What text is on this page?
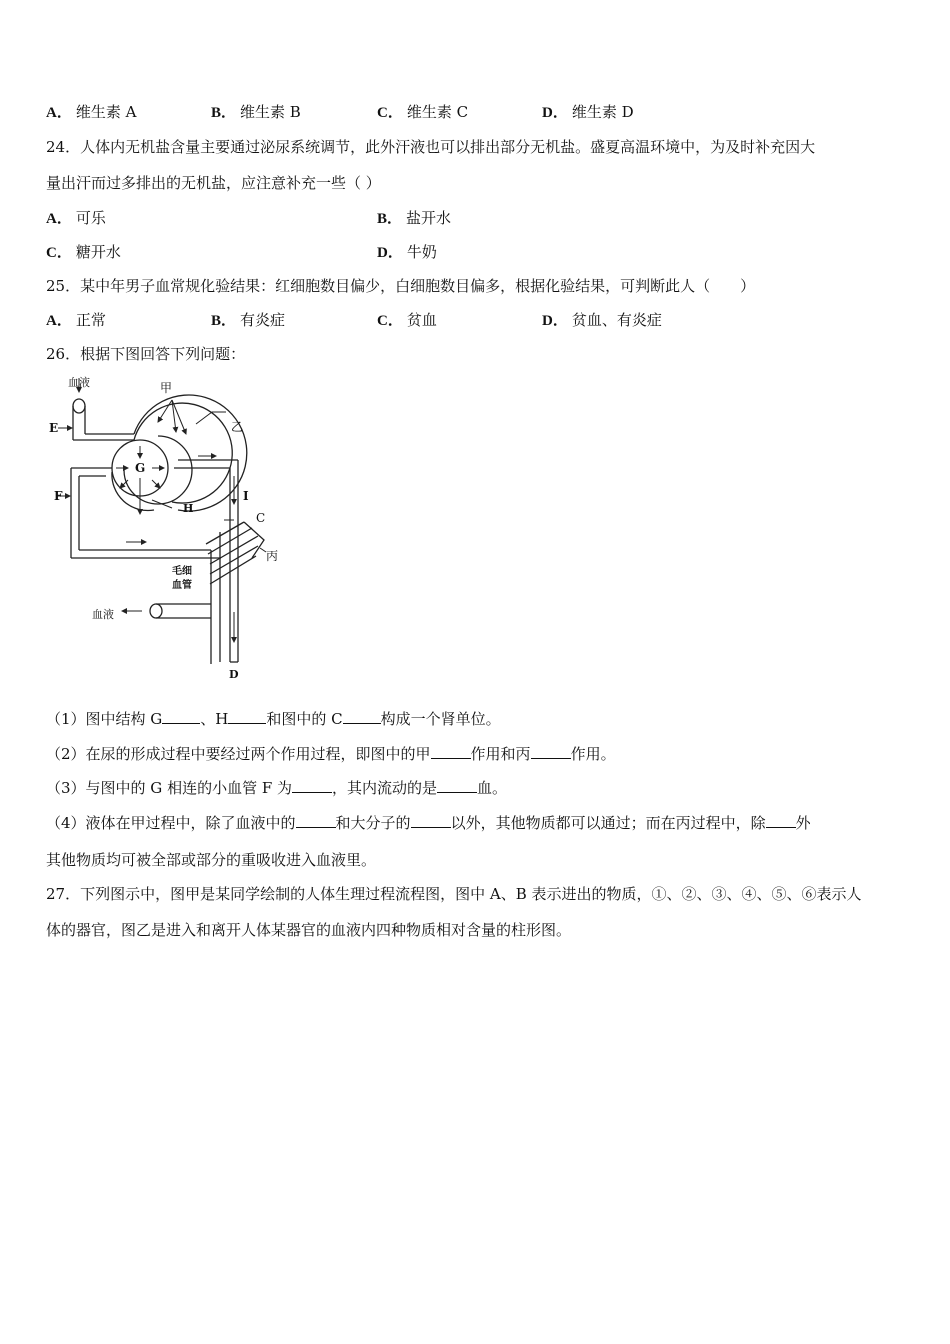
A． 维生素 A	B． 维生素 B	C． 维生素 C	D． 维生素 D
24．人体内无机盐含量主要通过泌尿系统调节，此外汗液也可以排出部分无机盐。盛夏高温环境中，为及时补充因大
量出汗而过多排出的无机盐，应注意补充一些（ ）
A． 可乐	B． 盐开水
C． 糖开水	D． 牛奶
25．某中年男子血常规化验结果：红细胞数目偏少，白细胞数目偏多，根据化验结果，可判断此人（　　）
A． 正常	B． 有炎症	C． 贫血	D． 贫血、有炎症
26．根据下图回答下列问题：
血液
E
甲
乙
G
H
F	I
C
丙
毛细
血管
血液
D
（1）图中结构 G	、H	和图中的 C	构成一个肾单位。
（2）在尿的形成过程中要经过两个作用过程，即图中的甲	作用和丙	作用。
（3）与图中的 G 相连的小血管 F 为	，其内流动的是	血。
（4）液体在甲过程中，除了血液中的	和大分子的	以外，其他物质都可以通过；而在丙过程中，除 外
其他物质均可被全部或部分的重吸收进入血液里。
27．下列图示中，图甲是某同学绘制的人体生理过程流程图，图中 A、B 表示进出的物质，①、②、③、④、⑤、⑥表示人
体的器官，图乙是进入和离开人体某器官的血液内四种物质相对含量的柱形图。
